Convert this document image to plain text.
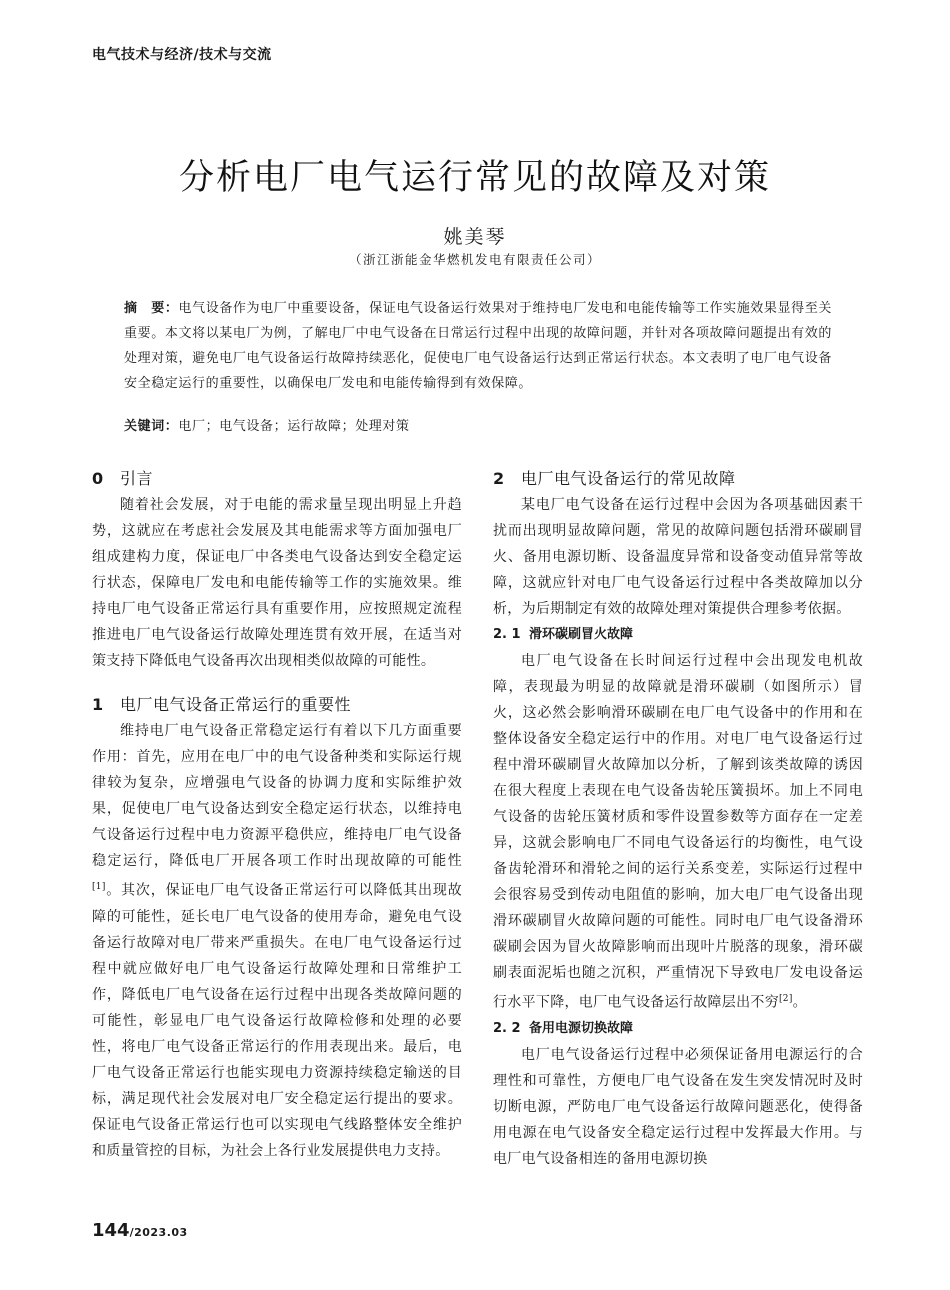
电气技术与经济/技术与交流
分析电厂电气运行常见的故障及对策
姚美琴
（浙江浙能金华燃机发电有限责任公司）
摘　要：电气设备作为电厂中重要设备，保证电气设备运行效果对于维持电厂发电和电能传输等工作实施效果显得至关重要。本文将以某电厂为例，了解电厂中电气设备在日常运行过程中出现的故障问题，并针对各项故障问题提出有效的处理对策，避免电厂电气设备运行故障持续恶化，促使电厂电气设备运行达到正常运行状态。本文表明了电厂电气设备安全稳定运行的重要性，以确保电厂发电和电能传输得到有效保障。
关键词：电厂；电气设备；运行故障；处理对策
0 引言

随着社会发展，对于电能的需求量呈现出明显上升趋势，这就应在考虑社会发展及其电能需求等方面加强电厂组成建构力度，保证电厂中各类电气设备达到安全稳定运行状态，保障电厂发电和电能传输等工作的实施效果。维持电厂电气设备正常运行具有重要作用，应按照规定流程推进电厂电气设备运行故障处理连贯有效开展，在适当对策支持下降低电气设备再次出现相类似故障的可能性。

1 电厂电气设备正常运行的重要性

维持电厂电气设备正常稳定运行有着以下几方面重要作用：首先，应用在电厂中的电气设备种类和实际运行规律较为复杂，应增强电气设备的协调力度和实际维护效果，促使电厂电气设备达到安全稳定运行状态，以维持电气设备运行过程中电力资源平稳供应，维持电厂电气设备稳定运行，降低电厂开展各项工作时出现故障的可能性[1]。其次，保证电厂电气设备正常运行可以降低其出现故障的可能性，延长电厂电气设备的使用寿命，避免电气设备运行故障对电厂带来严重损失。在电厂电气设备运行过程中就应做好电厂电气设备运行故障处理和日常维护工作，降低电厂电气设备在运行过程中出现各类故障问题的可能性，彰显电厂电气设备运行故障检修和处理的必要性，将电厂电气设备正常运行的作用表现出来。最后，电厂电气设备正常运行也能实现电力资源持续稳定输送的目标，满足现代社会发展对电厂安全稳定运行提出的要求。保证电气设备正常运行也可以实现电气线路整体安全维护和质量管控的目标，为社会上各行业发展提供电力支持。

2 电厂电气设备运行的常见故障

某电厂电气设备在运行过程中会因为各项基础因素干扰而出现明显故障问题，常见的故障问题包括滑环碳刷冒火、备用电源切断、设备温度异常和设备变动值异常等故障，这就应针对电厂电气设备运行过程中各类故障加以分析，为后期制定有效的故障处理对策提供合理参考依据。

2. 1 滑环碳刷冒火故障

电厂电气设备在长时间运行过程中会出现发电机故障，表现最为明显的故障就是滑环碳刷（如图所示）冒火，这必然会影响滑环碳刷在电厂电气设备中的作用和在整体设备安全稳定运行中的作用。对电厂电气设备运行过程中滑环碳刷冒火故障加以分析，了解到该类故障的诱因在很大程度上表现在电气设备齿轮压簧损坏。加上不同电气设备的齿轮压簧材质和零件设置参数等方面存在一定差异，这就会影响电厂不同电气设备运行的均衡性，电气设备齿轮滑环和滑轮之间的运行关系变差，实际运行过程中会很容易受到传动电阻值的影响，加大电厂电气设备出现滑环碳刷冒火故障问题的可能性。同时电厂电气设备滑环碳刷会因为冒火故障影响而出现叶片脱落的现象，滑环碳刷表面泥垢也随之沉积，严重情况下导致电厂发电设备运行水平下降，电厂电气设备运行故障层出不穷[2]。

2. 2 备用电源切换故障

电厂电气设备运行过程中必须保证备用电源运行的合理性和可靠性，方便电厂电气设备在发生突发情况时及时切断电源，严防电厂电气设备运行故障问题恶化，使得备用电源在电气设备安全稳定运行过程中发挥最大作用。与电厂电气设备相连的备用电源切换

144/2023.03
